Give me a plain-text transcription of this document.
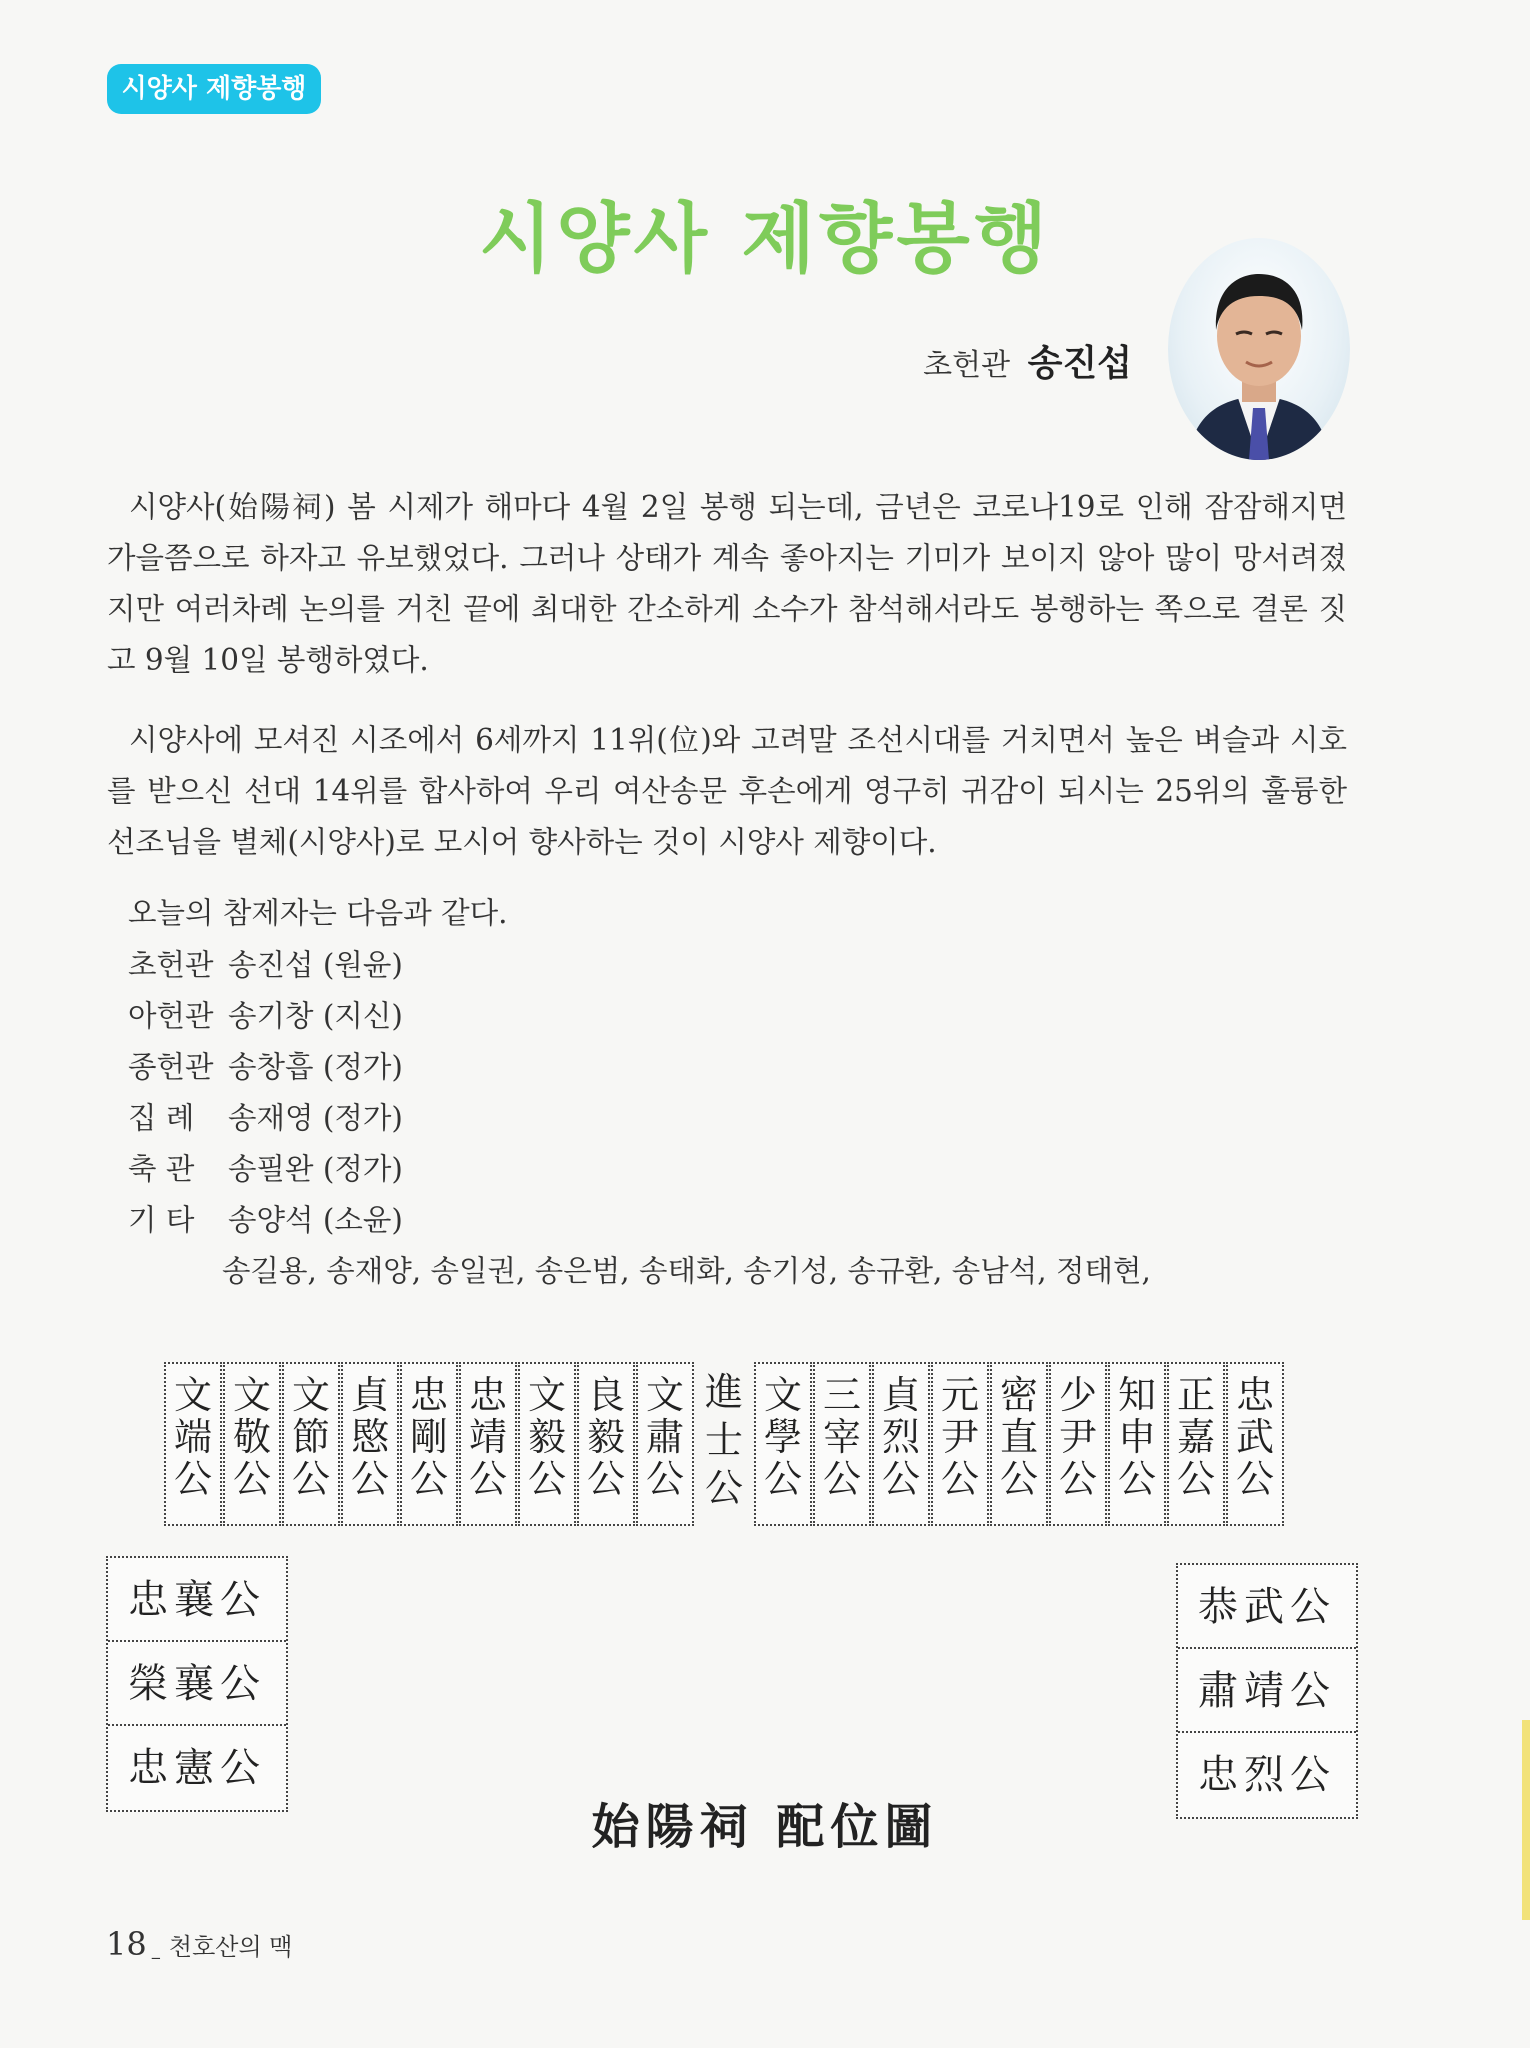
시양사 제향봉행
시양사 제향봉행
초헌관 송진섭

시양사(始陽祠) 봄 시제가 해마다 4월 2일 봉행 되는데, 금년은 코로나19로 인해 잠잠해지면 가을쯤으로 하자고 유보했었다. 그러나 상태가 계속 좋아지는 기미가 보이지 않아 많이 망서려졌지만 여러차례 논의를 거친 끝에 최대한 간소하게 소수가 참석해서라도 봉행하는 쪽으로 결론 짓고 9월 10일 봉행하였다.

시양사에 모셔진 시조에서 6세까지 11위(位)와 고려말 조선시대를 거치면서 높은 벼슬과 시호를 받으신 선대 14위를 합사하여 우리 여산송문 후손에게 영구히 귀감이 되시는 25위의 훌륭한 선조님을 별체(시양사)로 모시어 향사하는 것이 시양사 제향이다.

오늘의 참제자는 다음과 같다.
초헌관 송진섭 (원윤)
아헌관 송기창 (지신)
종헌관 송창흡 (정가)
집 례 송재영 (정가)
축 관 송필완 (정가)
기 타 송양석 (소윤)
송길용, 송재양, 송일권, 송은범, 송태화, 송기성, 송규환, 송남석, 정태현,
文
端
公
文
敬
公
文
節
公
貞
愍
公
忠
剛
公
忠
靖
公
文
毅
公
良
毅
公
文
肅
公
進
士
公
文
學
公
三
宰
公
貞
烈
公
元
尹
公
密
直
公
少
尹
公
知
申
公
正
嘉
公
忠
武
公
忠襄公
榮襄公
忠憲公
恭武公
肅靖公
忠烈公
始陽祠 配位圖
18 _ 천호산의 맥
